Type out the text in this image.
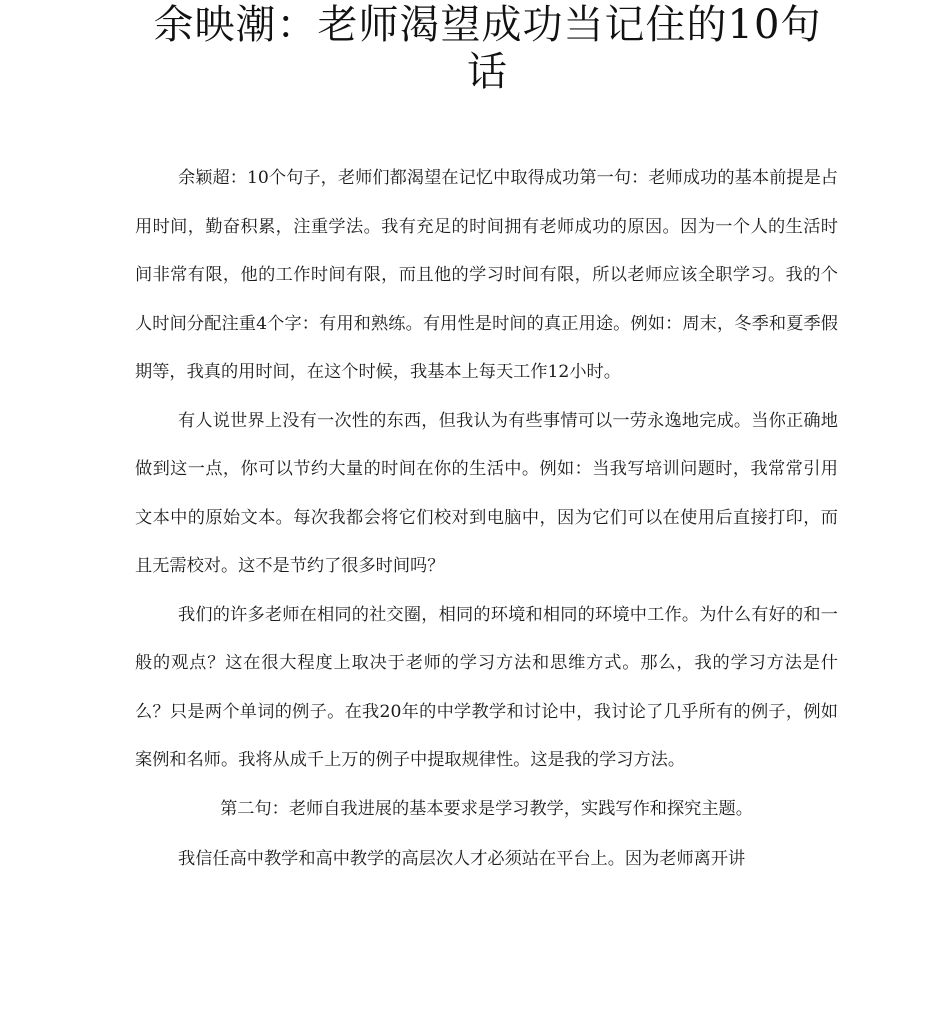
余映潮：老师渴望成功当记住的10句话

余颖超：10个句子，老师们都渴望在记忆中取得成功第一句：老师成功的基本前提是占用时间，勤奋积累，注重学法。我有充足的时间拥有老师成功的原因。因为一个人的生活时间非常有限，他的工作时间有限，而且他的学习时间有限，所以老师应该全职学习。我的个人时间分配注重4个字：有用和熟练。有用性是时间的真正用途。例如：周末，冬季和夏季假期等，我真的用时间，在这个时候，我基本上每天工作12小时。

有人说世界上没有一次性的东西，但我认为有些事情可以一劳永逸地完成。当你正确地做到这一点，你可以节约大量的时间在你的生活中。例如：当我写培训问题时，我常常引用文本中的原始文本。每次我都会将它们校对到电脑中，因为它们可以在使用后直接打印，而且无需校对。这不是节约了很多时间吗？

我们的许多老师在相同的社交圈，相同的环境和相同的环境中工作。为什么有好的和一般的观点？这在很大程度上取决于老师的学习方法和思维方式。那么，我的学习方法是什么？只是两个单词的例子。在我20年的中学教学和讨论中，我讨论了几乎所有的例子，例如案例和名师。我将从成千上万的例子中提取规律性。这是我的学习方法。

第二句：老师自我进展的基本要求是学习教学，实践写作和探究主题。

我信任高中教学和高中教学的高层次人才必须站在平台上。因为老师离开讲
